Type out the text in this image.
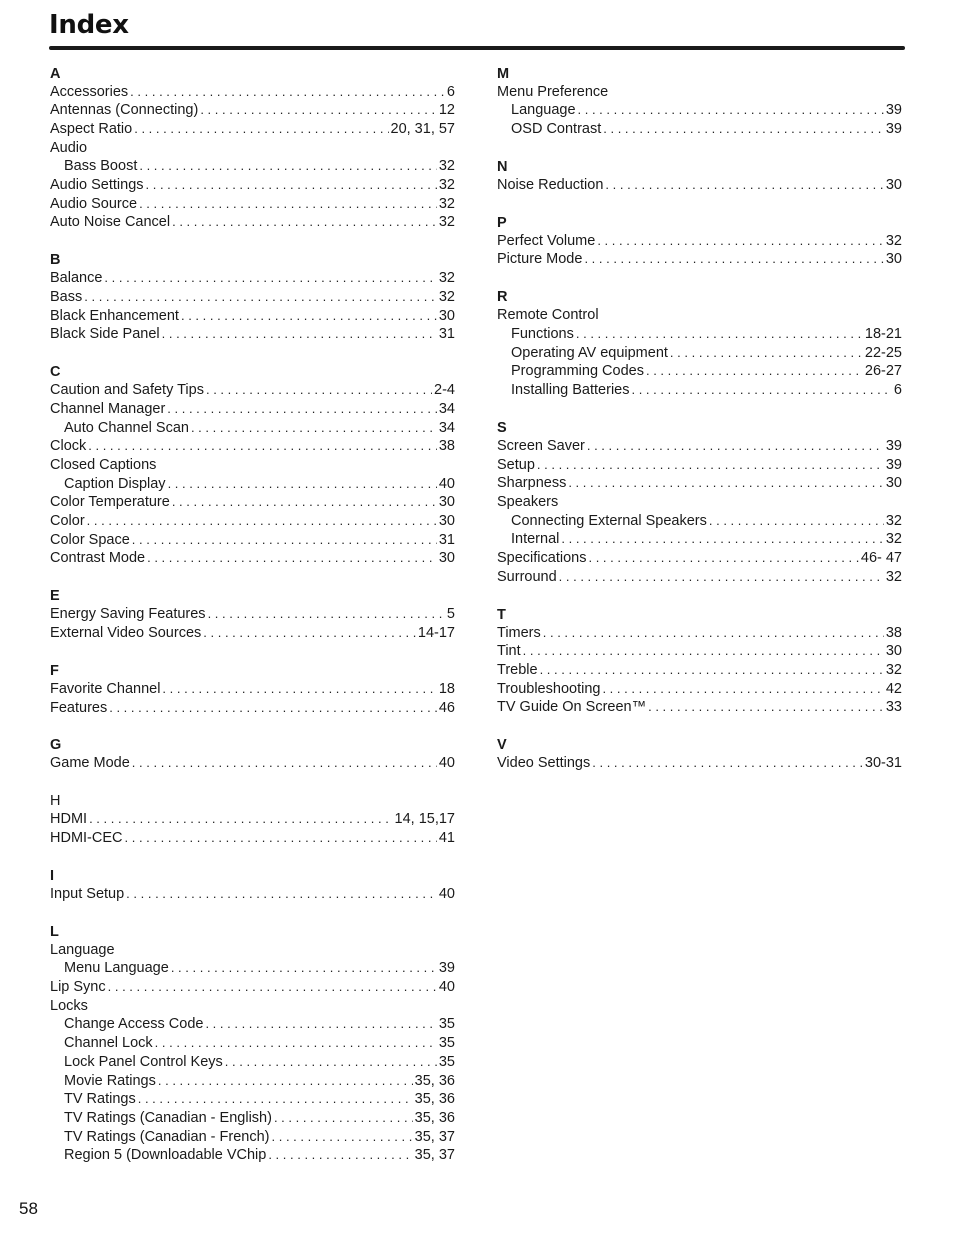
Index
A
Accessories . . .	6
Antennas (Connecting) . . .	12
Aspect Ratio . . .	20, 31, 57
Audio
Bass Boost . . .	32
Audio Settings . . .	32
Audio Source . . .	32
Auto Noise Cancel . . .	32
B
Balance . . .	32
Bass . . .	32
Black Enhancement . . .	30
Black Side Panel . . .	31
C
Caution and Safety Tips . . .	2-4
Channel Manager . . .	34
Auto Channel Scan . . .	34
Clock . . .	38
Closed Captions
Caption Display . . .	40
Color Temperature . . .	30
Color . . .	30
Color Space . . .	31
Contrast Mode . . .	30
E
Energy Saving Features . . .	5
External Video Sources . . .	14-17
F
Favorite Channel . . .	18
Features . . .	46
G
Game Mode . . .	40
H
HDMI . . .	14, 15,17
HDMI-CEC . . .	41
I
Input Setup . . .	40
L
Language
Menu Language . . .	39
Lip Sync . . .	40
Locks
Change Access Code . . .	35
Channel Lock . . .	35
Lock Panel Control Keys . . .	35
Movie Ratings . . .	35, 36
TV Ratings . . .	35, 36
TV Ratings (Canadian - English) . . .	35, 36
TV Ratings (Canadian - French) . . .	35, 37
Region 5 (Downloadable VChip . . .	35, 37
M
Menu Preference
Language . . .	39
OSD Contrast . . .	39
N
Noise Reduction . . .	30
P
Perfect Volume . . .	32
Picture Mode . . .	30
R
Remote Control
Functions . . .	18-21
Operating AV equipment . . .	22-25
Programming Codes . . .	26-27
Installing Batteries . . .	6
S
Screen Saver . . .	39
Setup . . .	39
Sharpness . . .	30
Speakers
Connecting External Speakers . . .	32
Internal . . .	32
Specifications . . .	46- 47
Surround . . .	32
T
Timers . . .	38
Tint . . .	30
Treble . . .	32
Troubleshooting . . .	42
TV Guide On Screen™ . . .	33
V
Video Settings . . .	30-31
58
